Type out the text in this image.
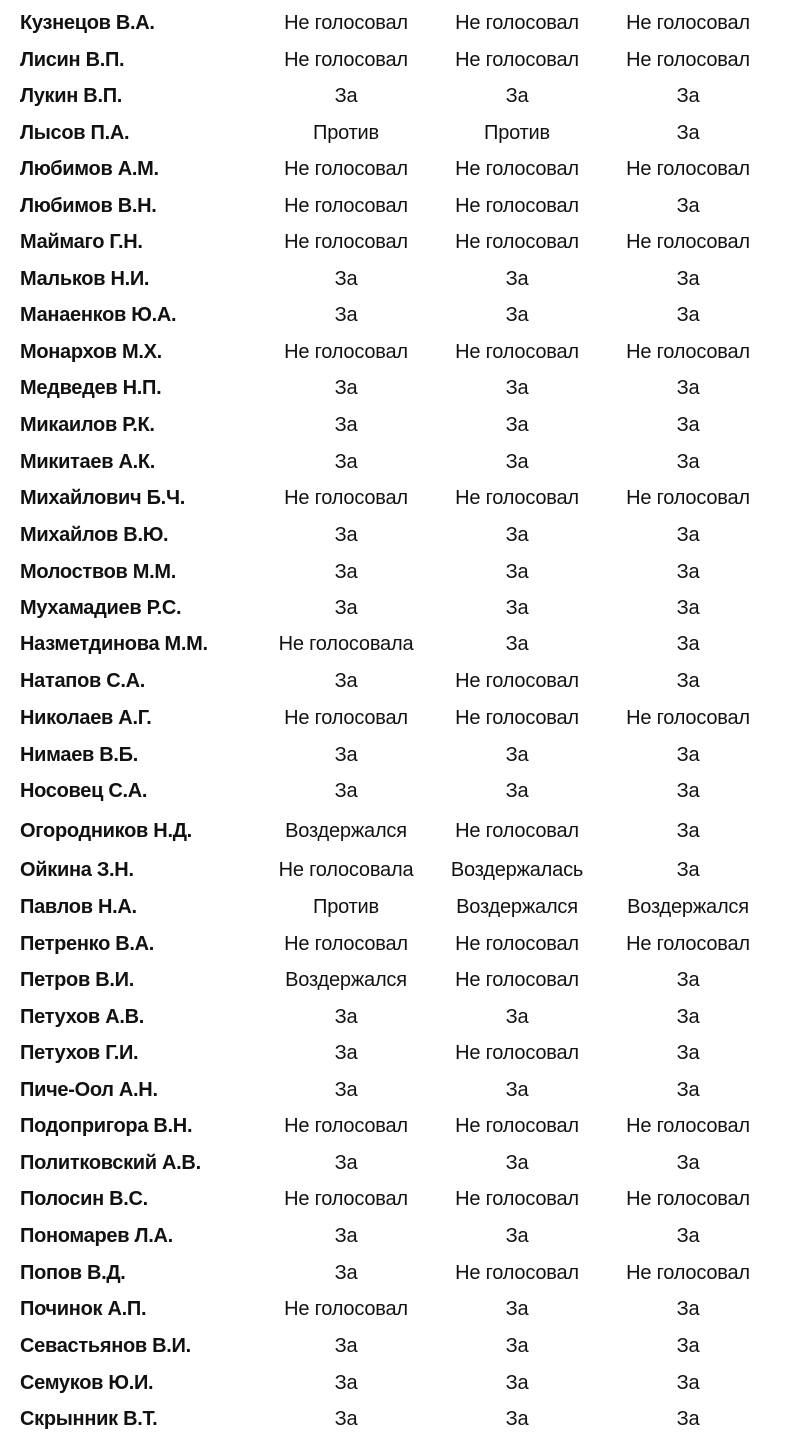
Кузнецов В.А.	Не голосовал	Не голосовал	Не голосовал
Лисин В.П.	Не голосовал	Не голосовал	Не голосовал
Лукин В.П.	За	За	За
Лысов П.А.	Против	Против	За
Любимов А.М.	Не голосовал	Не голосовал	Не голосовал
Любимов В.Н.	Не голосовал	Не голосовал	За
Маймаго Г.Н.	Не голосовал	Не голосовал	Не голосовал
Мальков Н.И.	За	За	За
Манаенков Ю.А.	За	За	За
Монархов М.Х.	Не голосовал	Не голосовал	Не голосовал
Медведев Н.П.	За	За	За
Микаилов Р.К.	За	За	За
Микитаев А.К.	За	За	За
Михайлович Б.Ч.	Не голосовал	Не голосовал	Не голосовал
Михайлов В.Ю.	За	За	За
Молоствов М.М.	За	За	За
Мухамадиев Р.С.	За	За	За
Назметдинова М.М.	Не голосовала	За	За
Натапов С.А.	За	Не голосовал	За
Николаев А.Г.	Не голосовал	Не голосовал	Не голосовал
Нимаев В.Б.	За	За	За
Носовец С.А.	За	За	За
Огородников Н.Д.	Воздержался	Не голосовал	За
Ойкина З.Н.	Не голосовала	Воздержалась	За
Павлов Н.А.	Против	Воздержался	Воздержался
Петренко В.А.	Не голосовал	Не голосовал	Не голосовал
Петров В.И.	Воздержался	Не голосовал	За
Петухов А.В.	За	За	За
Петухов Г.И.	За	Не голосовал	За
Пиче-Оол А.Н.	За	За	За
Подопригора В.Н.	Не голосовал	Не голосовал	Не голосовал
Политковский А.В.	За	За	За
Полосин В.С.	Не голосовал	Не голосовал	Не голосовал
Пономарев Л.А.	За	За	За
Попов В.Д.	За	Не голосовал	Не голосовал
Починок А.П.	Не голосовал	За	За
Севастьянов В.И.	За	За	За
Семуков Ю.И.	За	За	За
Скрынник В.Т.	За	За	За
